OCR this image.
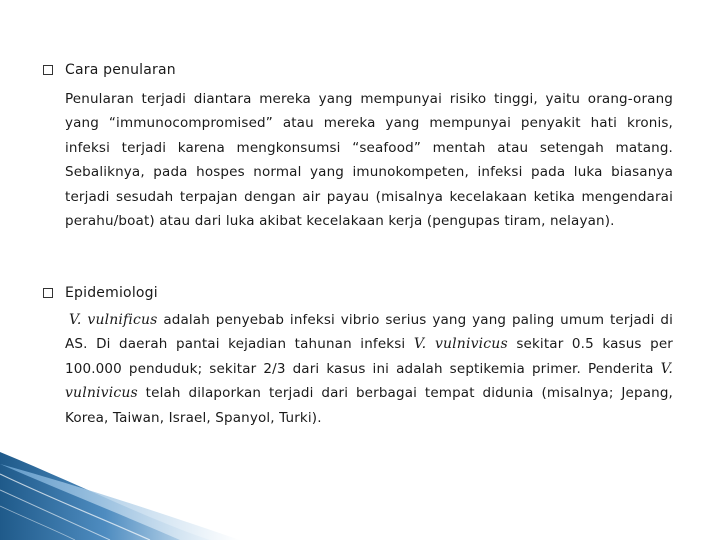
Cara penularan
Penularan terjadi diantara mereka yang mempunyai risiko tinggi, yaitu orang-orang yang “immunocompromised” atau mereka yang mempunyai penyakit hati kronis, infeksi terjadi karena mengkonsumsi “seafood” mentah atau setengah matang. Sebaliknya, pada hospes normal yang imunokompeten, infeksi pada luka biasanya terjadi sesudah terpajan dengan air payau (misalnya kecelakaan ketika mengendarai perahu/boat) atau dari luka akibat kecelakaan kerja (pengupas tiram, nelayan).
Epidemiologi
V. vulnificus adalah penyebab infeksi vibrio serius yang yang paling umum terjadi di AS. Di daerah pantai kejadian tahunan infeksi V. vulnivicus sekitar 0.5 kasus per 100.000 penduduk; sekitar 2/3 dari kasus ini adalah septikemia primer. Penderita V. vulnivicus telah dilaporkan terjadi dari berbagai tempat didunia (misalnya; Jepang, Korea, Taiwan, Israel, Spanyol, Turki).
